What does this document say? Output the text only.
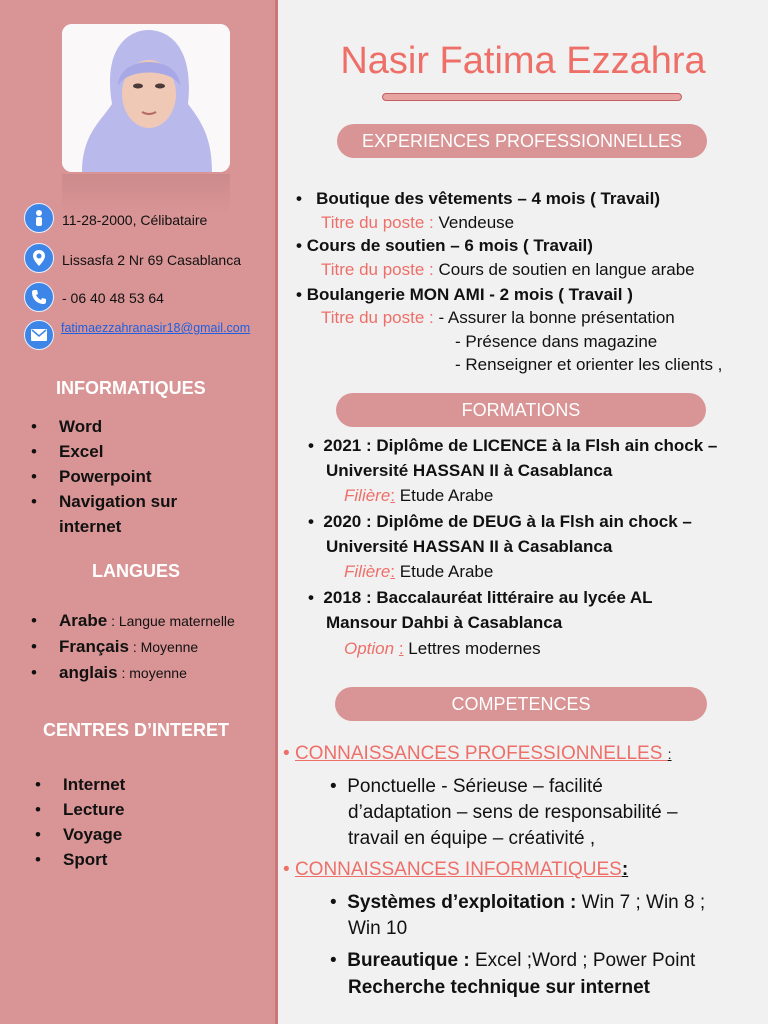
11-28-2000, Célibataire
Lissasfa 2 Nr 69 Casablanca
- 06 40 48 53 64
fatimaezzahranasir18@gmail.com
INFORMATIQUES
• Word
• Excel
• Powerpoint
• Navigation sur
internet
LANGUES
• Arabe : Langue maternelle
• Français : Moyenne
• anglais : moyenne
CENTRES D’INTERET
• Internet
• Lecture
• Voyage
• Sport
Nasir Fatima Ezzahra
EXPERIENCES PROFESSIONNELLES
•   Boutique des vêtements – 4 mois ( Travail)
Titre du poste : Vendeuse
• Cours de soutien – 6 mois ( Travail)
Titre du poste : Cours de soutien en langue arabe
• Boulangerie MON AMI - 2 mois ( Travail )
Titre du poste : - Assurer la bonne présentation
- Présence dans magazine
- Renseigner et orienter les clients ,
FORMATIONS
•  2021 : Diplôme de LICENCE à la Flsh ain chock –
Université HASSAN II à Casablanca
Filière: Etude Arabe
•  2020 : Diplôme de DEUG à la Flsh ain chock –
Université HASSAN II à Casablanca
Filière: Etude Arabe
•  2018 : Baccalauréat littéraire au lycée AL
Mansour Dahbi à Casablanca
Option : Lettres modernes
COMPETENCES
• CONNAISSANCES PROFESSIONNELLES :
•  Ponctuelle - Sérieuse – facilité
d’adaptation – sens de responsabilité –
travail en équipe – créativité ,
• CONNAISSANCES INFORMATIQUES:
•  Systèmes d’exploitation : Win 7 ; Win 8 ;
Win 10
•  Bureautique : Excel ;Word ; Power Point
Recherche technique sur internet
